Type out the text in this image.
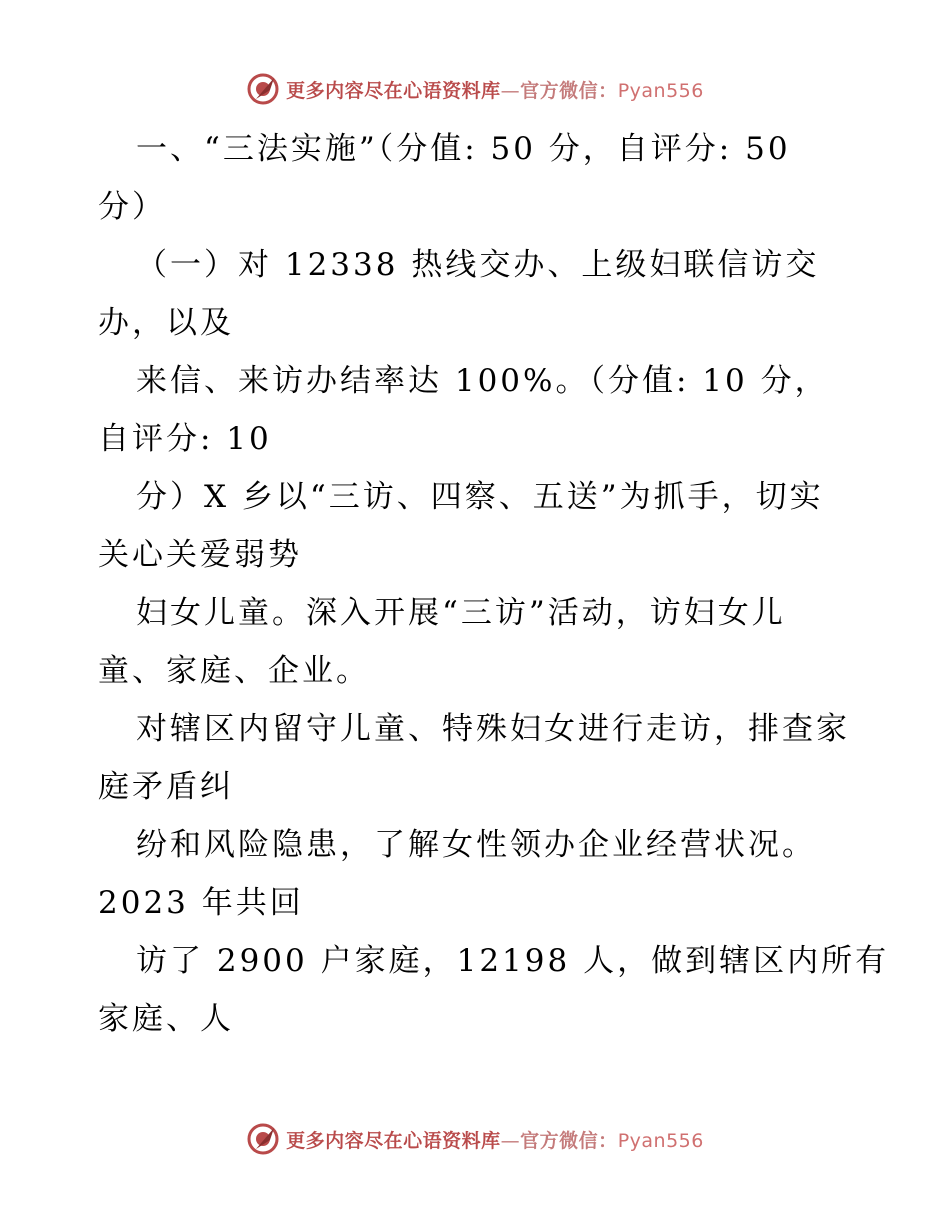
更多内容尽在心语资料库—官方微信：Pyan556
一、“三法实施”（分值: 50 分，自评分: 50
分）
（一）对 12338 热线交办、上级妇联信访交
办，以及
来信、来访办结率达 100%。（分值: 10 分，
自评分: 10
分）X 乡以“三访、四察、五送”为抓手，切实
关心关爱弱势
妇女儿童。深入开展“三访”活动，访妇女儿
童、家庭、企业。
对辖区内留守儿童、特殊妇女进行走访，排查家
庭矛盾纠
纷和风险隐患，了解女性领办企业经营状况。
2023 年共回
访了 2900 户家庭，12198 人，做到辖区内所有
家庭、人
更多内容尽在心语资料库—官方微信：Pyan556
